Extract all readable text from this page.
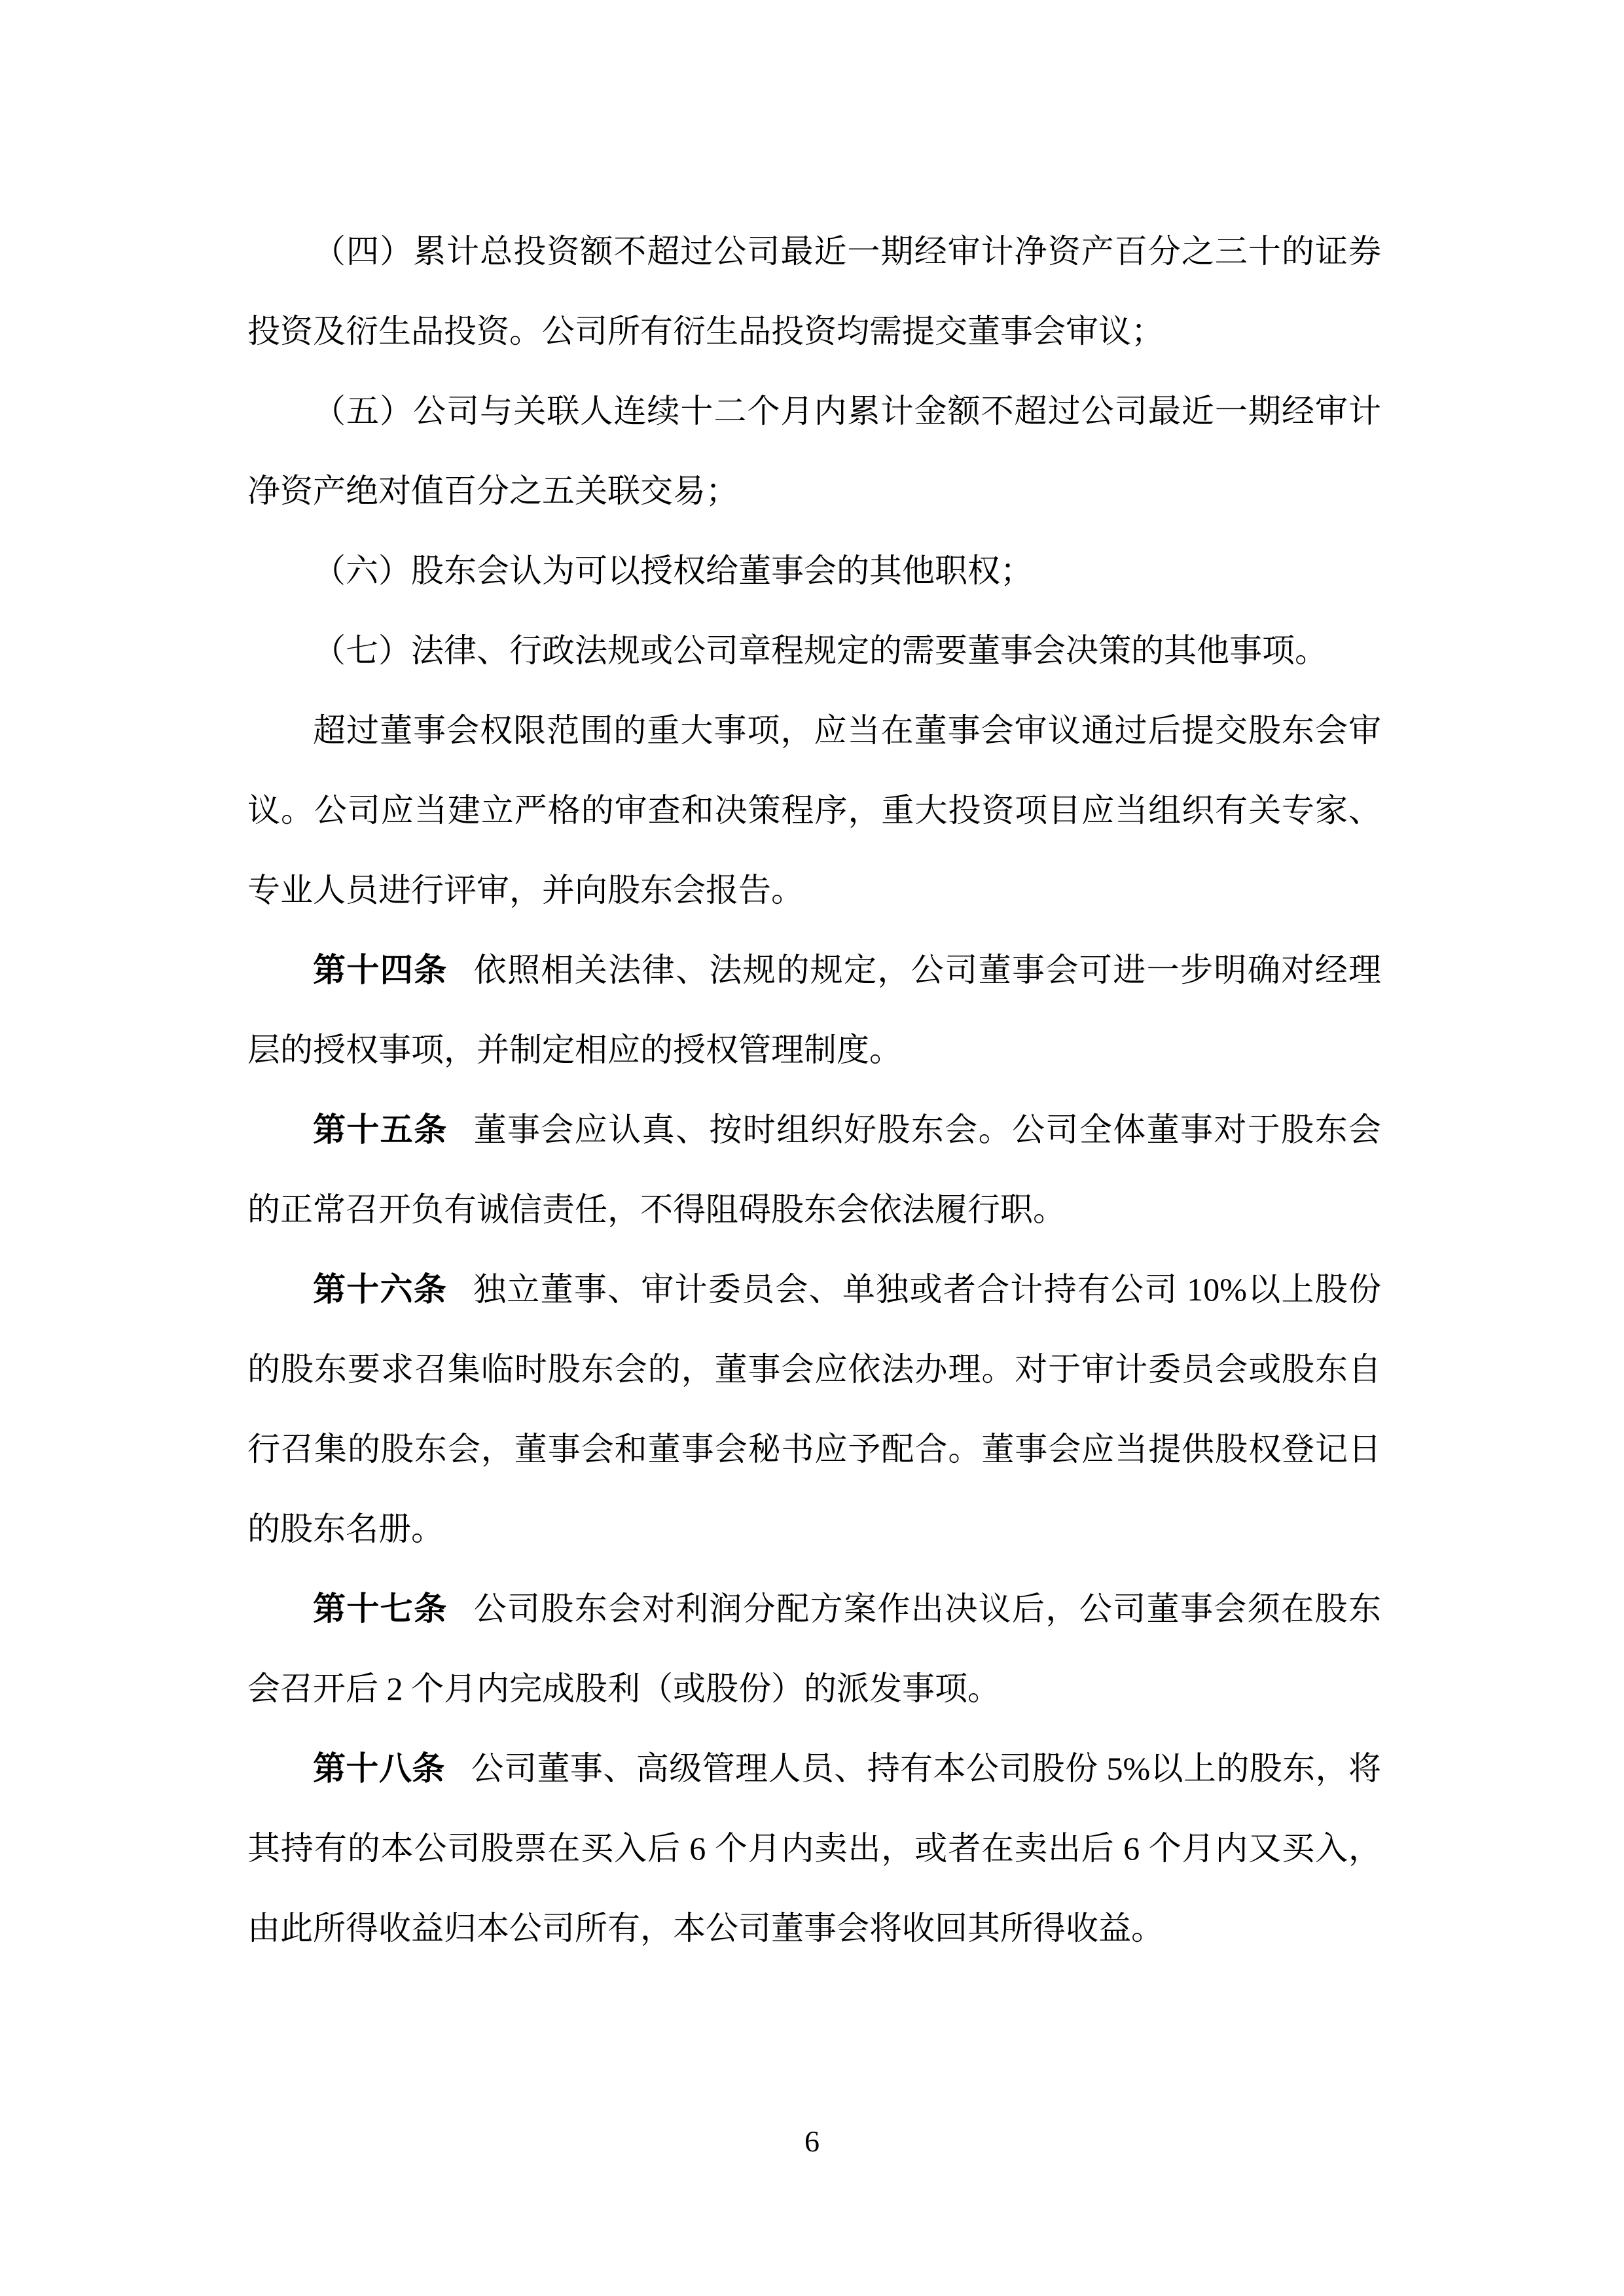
（四）累计总投资额不超过公司最近一期经审计净资产百分之三十的证券投资及衍生品投资。公司所有衍生品投资均需提交董事会审议；

（五）公司与关联人连续十二个月内累计金额不超过公司最近一期经审计净资产绝对值百分之五关联交易；

（六）股东会认为可以授权给董事会的其他职权；

（七）法律、行政法规或公司章程规定的需要董事会决策的其他事项。

超过董事会权限范围的重大事项，应当在董事会审议通过后提交股东会审议。公司应当建立严格的审查和决策程序，重大投资项目应当组织有关专家、专业人员进行评审，并向股东会报告。

第十四条 依照相关法律、法规的规定，公司董事会可进一步明确对经理层的授权事项，并制定相应的授权管理制度。

第十五条 董事会应认真、按时组织好股东会。公司全体董事对于股东会的正常召开负有诚信责任，不得阻碍股东会依法履行职。

第十六条 独立董事、审计委员会、单独或者合计持有公司 10%以上股份的股东要求召集临时股东会的，董事会应依法办理。对于审计委员会或股东自行召集的股东会，董事会和董事会秘书应予配合。董事会应当提供股权登记日的股东名册。

第十七条 公司股东会对利润分配方案作出决议后，公司董事会须在股东会召开后 2 个月内完成股利（或股份）的派发事项。

第十八条 公司董事、高级管理人员、持有本公司股份 5%以上的股东，将其持有的本公司股票在买入后 6 个月内卖出，或者在卖出后 6 个月内又买入，由此所得收益归本公司所有，本公司董事会将收回其所得收益。

6
